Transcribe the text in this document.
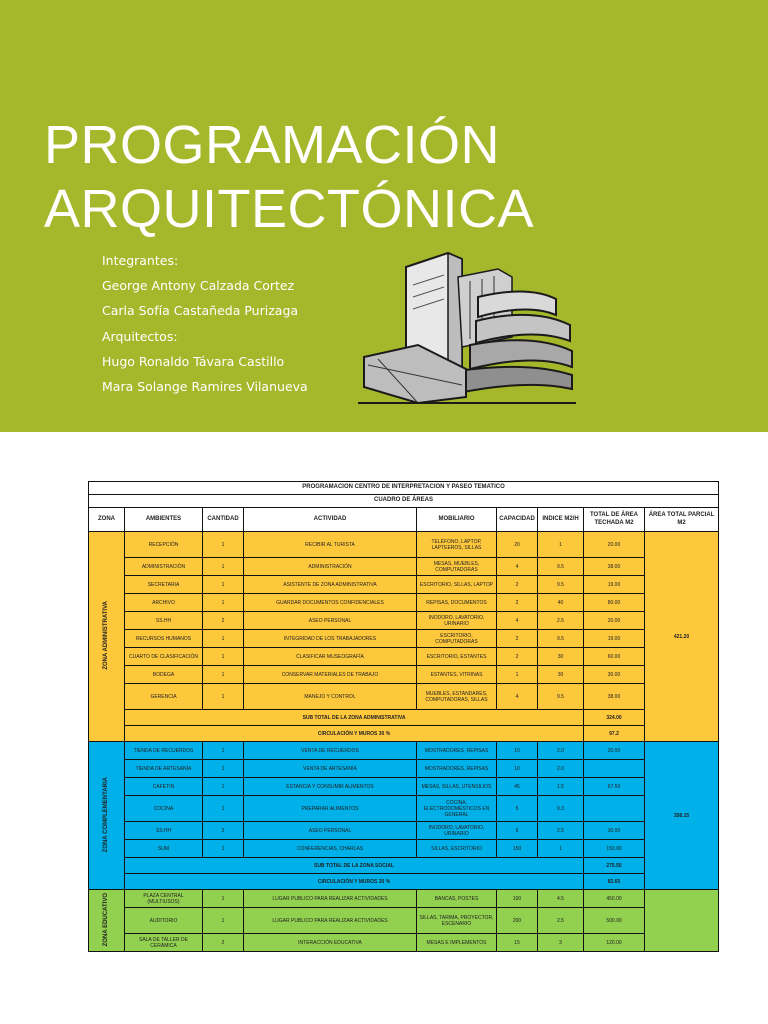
PROGRAMACIÓN
ARQUITECTÓNICA
Integrantes:
George Antony Calzada Cortez
Carla Sofía Castañeda Purizaga
Arquitectos:
Hugo Ronaldo Távara Castillo
Mara Solange Ramires Vilanueva
PROGRAMACION CENTRO DE INTERPRETACION Y PASEO TEMATICO								
CUADRO DE ÁREAS								
ZONA	AMBIENTES	CANTIDAD	ACTIVIDAD	MOBILIARIO	CAPACIDAD	INDICE M2/H	TOTAL DE ÁREA TECHADA M2	ÁREA TOTAL PARCIAL M2
ZONA ADMINISTRATIVA	RECEPCIÓN	1	RECIBIR AL TURISTA	TELÉFONO, LAPTOP, LAPTEEROS, SILLAS	20	1	20.00	421.20
	ADMINISTRACIÓN	1	ADMINISTRACIÓN	MESAS, MUEBLES, COMPUTADORAS	4	9.5	38.00	
	SECRETARIA	1	ASISTENTE DE ZONA ADMINISTRATIVA	ESCRITORIO, SILLAS, LAPTOP	2	9.5	19.00	
	ARCHIVO	1	GUARDAR DOCUMENTOS CONFIDENCIALES	REPISAS, DOCUMENTOS	2	40	80.00	
	SS.HH	2	ASEO PERSONAL	INODORO, LAVATORIO, URINARIO	4	2.5	20.00	
	RECURSOS HUMANOS	1	INTEGRIDAD DE LOS TRABAJADORES	ESCRITORIO, COMPUTADORAS	2	9.5	19.00	
	CUARTO DE CLASIFICACIÓN	1	CLASIFICAR MUSEOGRAFÍA	ESCRITORIO, ESTANTES	2	30	60.00	
	BODEGA	1	CONSERVAR MATERIALES DE TRABAJO	ESTANTES, VITRINAS	1	30	30.00	
	GERENCIA	1	MANEJO Y CONTROL	MUEBLES, ESTANDARES, COMPUTADORAS, SILLAS	4	9.5	38.00	
	SUB TOTAL DE LA ZONA ADMINISTRATIVA						324.00	
	CIRCULACIÓN Y MUROS 30 %						97.2	
ZONA COMPLEMENTARIA	TIENDA DE RECUERDOS	1	VENTA DE RECUERDOS	MOSTRADORES, REPISAS	10	2.0	20.00	358.15
	TIENDA DE ARTESANÍA	1	VENTA DE ARTESANÍA	MOSTRADORES, REPISAS	10	2.0		
	CAFETIN	1	ESTANCIA Y CONSUMIR ALIMENTOS	MESAS, SILLAS, UTENSILIOS	45	1.5	67.50	
	COCINA	1	PREPARAR ALIMENTOS	COCINA, ELECTRODOMÉSTICOS EN GENERAL	5	9.3		
	SS.HH	2	ASEO PERSONAL	INODORO, LAVATORIO, URINARIO	6	2.5	30.00	
	SUM	1	CONFERENCIAS, CHARLAS	SILLAS, ESCRITORIO	150	1	150.00	
	SUB TOTAL DE LA ZONA SOCIAL						275.50	
	CIRCULACIÓN Y MUROS 30 %						82.65	
ZONA EDUCATIVO	PLAZA CENTRAL (MULTIUSOS)	1	LUGAR PUBLICO PARA REALIZAR ACTIVIDADES	BANCAS, POSTES	100	4.5	450.00	
	AUDITORIO	1	LUGAR PUBLICO PARA REALIZAR ACTIVIDADES	SILLAS, TARIMA, PROYECTOR, ESCENARIO	200	2.5	500.00	
	SALA DE TALLER DE CERÁMICA	2	INTERACCIÓN EDUCATIVA	MESAS E IMPLEMENTOS	15	3	120.00	
